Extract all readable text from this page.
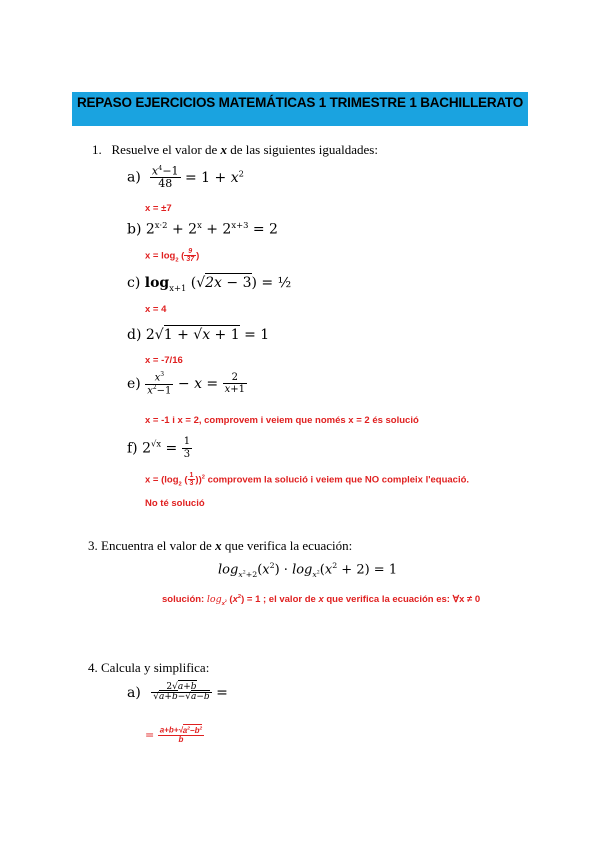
REPASO EJERCICIOS MATEMÁTICAS 1 TRIMESTRE 1 BACHILLERATO
1. Resuelve el valor de x de las siguientes igualdades:
$a) \frac{x^4-1}{48} = 1 + x^2$
x = ±7
b) $2^{x\cdot 2} + 2^x + 2^{x+3} = 2$
$x = \log_2$ ( $\frac{9}{37}$ )
c) $\log_{x+1} (√2x - 3)$ = ½
x = 4
d) 2√1 + √x + 1 = 1
x = -7/16
$e) \frac{x^3}{x^2-1} - x = \frac{2}{x+1}$
x = -1 i x = 2, comprovem i veiem que només x = 2 és solució
f) $2^{√x} = \frac{1}{3}$
$x = (\log_2$ ( $\frac{1}{3} ))^2$ comprovem la solució i veiem que NO compleix l'equació.
No té solució
3. Encuentra el valor de x que verifica la ecuación:
$\log_{x^2+2}(x^2) \cdot \log_{x^2}(x^2 + 2) = 1$
solución: $\log_{x^2} (x^2) = 1$ ; el valor de x que verifica la ecuación es: ∀x ≠ 0
4. Calcula y simplifica:
$a) \frac{2√a+b}{√a+b-√a-b}$ =
= $\frac{a+b+√a^2-b^2}{b}$
